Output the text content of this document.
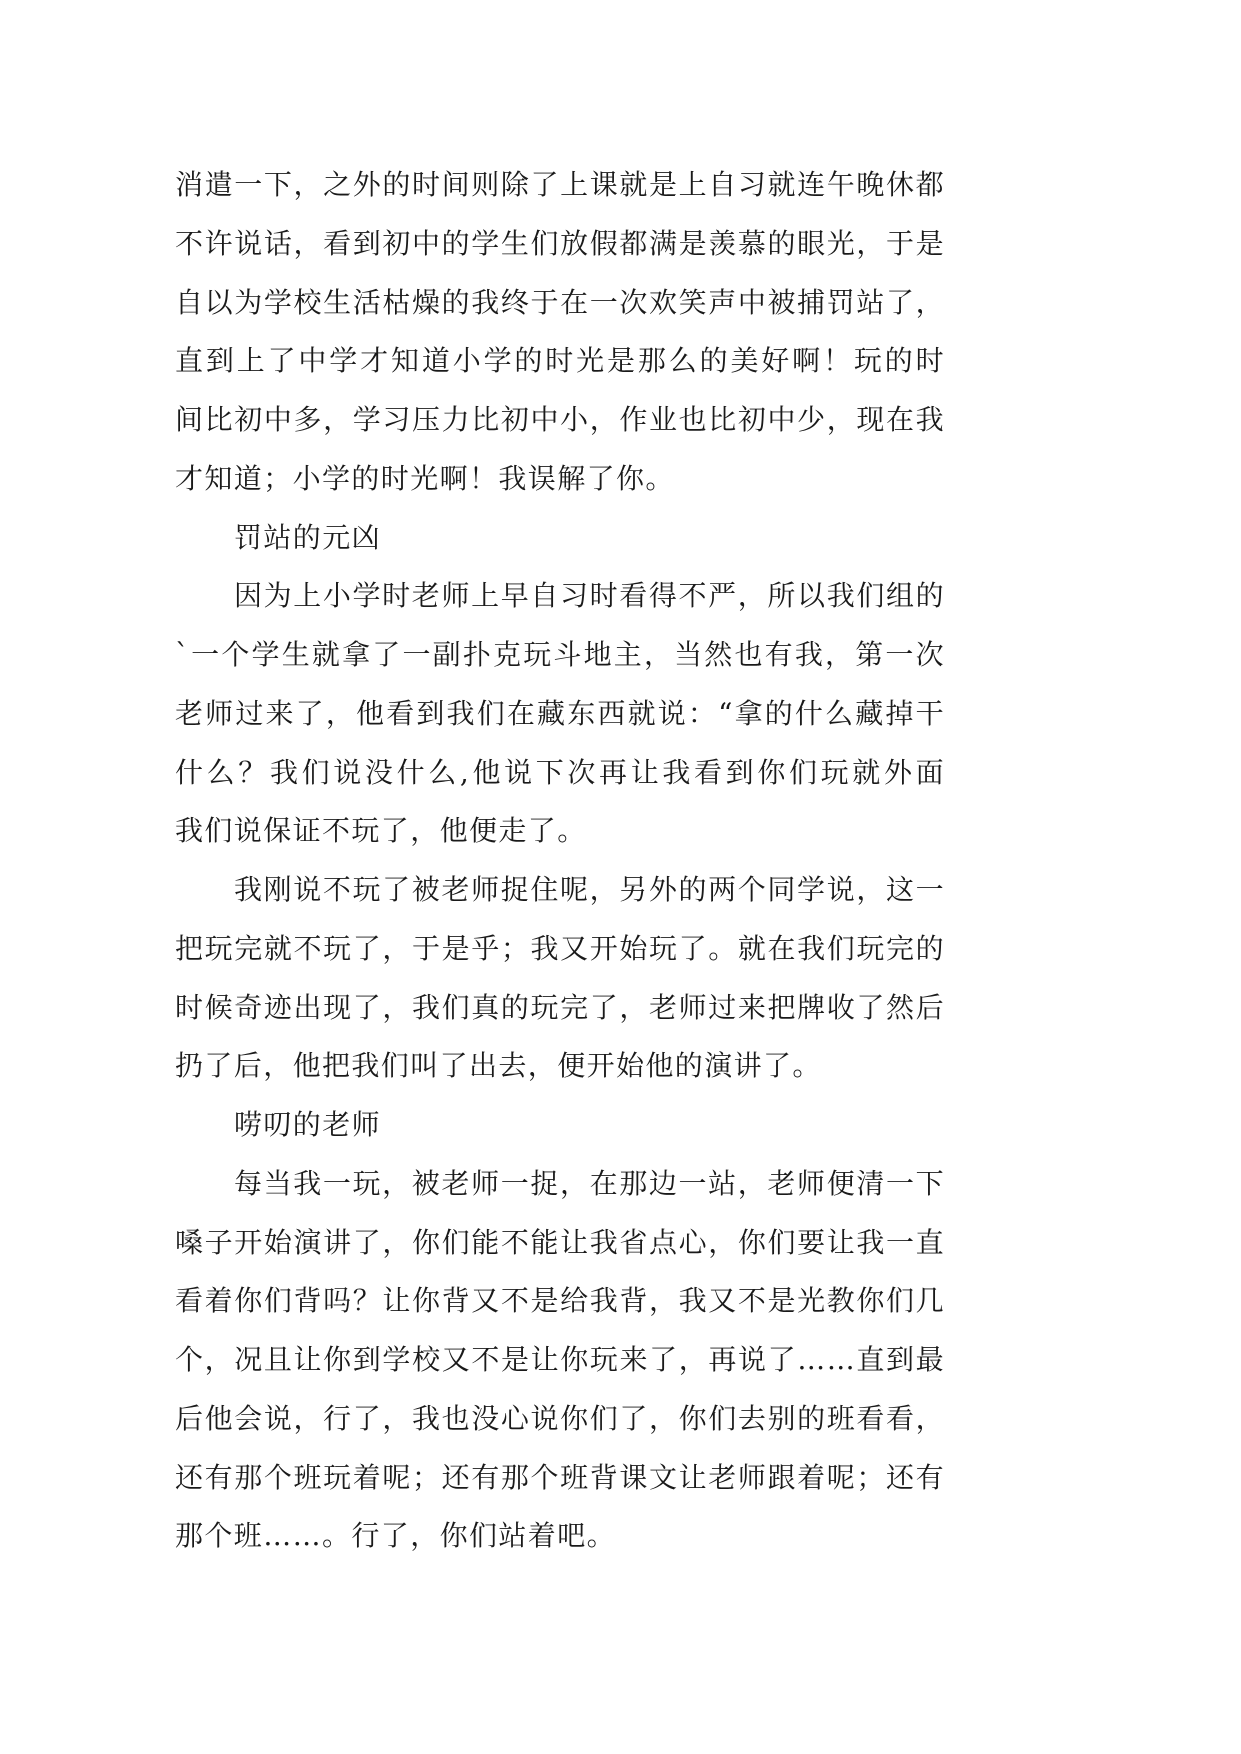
消遣一下，之外的时间则除了上课就是上自习就连午晚休都
不许说话，看到初中的学生们放假都满是羡慕的眼光，于是
自以为学校生活枯燥的我终于在一次欢笑声中被捕罚站了，
直到上了中学才知道小学的时光是那么的美好啊！玩的时
间比初中多，学习压力比初中小，作业也比初中少，现在我
才知道；小学的时光啊！我误解了你。
罚站的元凶
因为上小学时老师上早自习时看得不严，所以我们组的
`一个学生就拿了一副扑克玩斗地主，当然也有我，第一次
老师过来了，他看到我们在藏东西就说：“拿的什么藏掉干
什么？我们说没什么,他说下次再让我看到你们玩就外面
我们说保证不玩了，他便走了。
我刚说不玩了被老师捉住呢，另外的两个同学说，这一
把玩完就不玩了，于是乎；我又开始玩了。就在我们玩完的
时候奇迹出现了，我们真的玩完了，老师过来把牌收了然后
扔了后，他把我们叫了出去，便开始他的演讲了。
唠叨的老师
每当我一玩，被老师一捉，在那边一站，老师便清一下
嗓子开始演讲了，你们能不能让我省点心，你们要让我一直
看着你们背吗？让你背又不是给我背，我又不是光教你们几
个，况且让你到学校又不是让你玩来了，再说了……直到最
后他会说，行了，我也没心说你们了，你们去别的班看看，
还有那个班玩着呢；还有那个班背课文让老师跟着呢；还有
那个班……。行了，你们站着吧。
